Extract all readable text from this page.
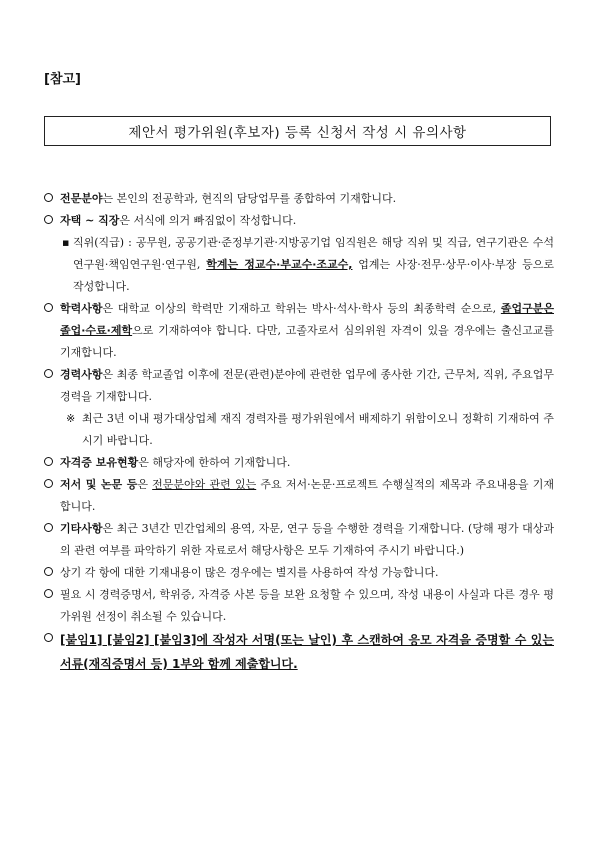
[참고]
제안서 평가위원(후보자) 등록 신청서 작성 시 유의사항
전문분야는 본인의 전공학과, 현직의 담당업무를 종합하여 기재합니다.
자택 ~ 직장은 서식에 의거 빠짐없이 작성합니다.
▪ 직위(직급) : 공무원, 공공기관·준정부기관·지방공기업 임직원은 해당 직위 및 직급, 연구기관은 수석연구원·책임연구원·연구원, 학계는 정교수·부교수·조교수, 업계는 사장·전무·상무·이사·부장 등으로 작성합니다.
학력사항은 대학교 이상의 학력만 기재하고 학위는 박사·석사·학사 등의 최종학력 순으로, 졸업구분은 졸업·수료·제학으로 기재하여야 합니다. 다만, 고졸자로서 심의위원 자격이 있을 경우에는 출신고교를 기재합니다.
경력사항은 최종 학교졸업 이후에 전문(관련)분야에 관련한 업무에 종사한 기간, 근무처, 직위, 주요업무 경력을 기재합니다.
※ 최근 3년 이내 평가대상업체 재직 경력자를 평가위원에서 배제하기 위함이오니 정확히 기재하여 주시기 바랍니다.
자격증 보유현황은 해당자에 한하여 기재합니다.
저서 및 논문 등은 전문분야와 관련 있는 주요 저서·논문·프로젝트 수행실적의 제목과 주요내용을 기재합니다.
기타사항은 최근 3년간 민간업체의 용역, 자문, 연구 등을 수행한 경력을 기재합니다. (당해 평가 대상과의 관련 여부를 파악하기 위한 자료로서 해당사항은 모두 기재하여 주시기 바랍니다.)
상기 각 항에 대한 기재내용이 많은 경우에는 별지를 사용하여 작성 가능합니다.
필요 시 경력증명서, 학위증, 자격증 사본 등을 보완 요청할 수 있으며, 작성 내용이 사실과 다른 경우 평가위원 선정이 취소될 수 있습니다.
[붙임1] [붙임2] [붙임3]에 작성자 서명(또는 날인) 후 스캔하여 응모 자격을 증명할 수 있는 서류(재직증명서 등) 1부와 함께 제출합니다.
